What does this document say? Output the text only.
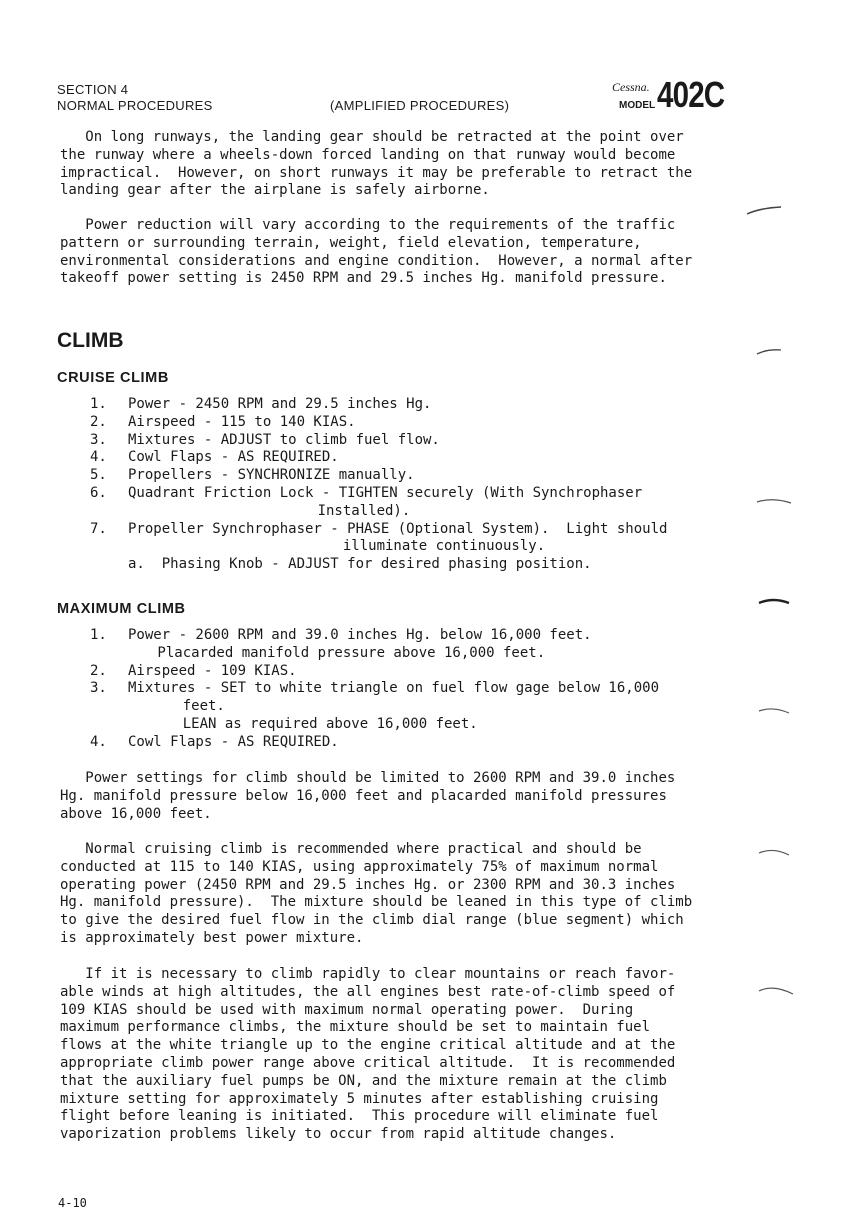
SECTION 4
NORMAL PROCEDURES	(AMPLIFIED PROCEDURES)
Cessna.
MODEL 402C
On long runways, the landing gear should be retracted at the point over
the runway where a wheels-down forced landing on that runway would become
impractical.  However, on short runways it may be preferable to retract the
landing gear after the airplane is safely airborne.
Power reduction will vary according to the requirements of the traffic
pattern or surrounding terrain, weight, field elevation, temperature,
environmental considerations and engine condition.  However, a normal after
takeoff power setting is 2450 RPM and 29.5 inches Hg. manifold pressure.
CLIMB
CRUISE CLIMB
1. Power - 2450 RPM and 29.5 inches Hg.
2. Airspeed - 115 to 140 KIAS.
3. Mixtures - ADJUST to climb fuel flow.
4. Cowl Flaps - AS REQUIRED.
5. Propellers - SYNCHRONIZE manually.
6. Quadrant Friction Lock - TIGHTEN securely (With Synchrophaser
Installed).
7. Propeller Synchrophaser - PHASE (Optional System).  Light should
illuminate continuously.
a.  Phasing Knob - ADJUST for desired phasing position.
MAXIMUM CLIMB
1. Power - 2600 RPM and 39.0 inches Hg. below 16,000 feet.
Placarded manifold pressure above 16,000 feet.
2. Airspeed - 109 KIAS.
3. Mixtures - SET to white triangle on fuel flow gage below 16,000
feet.
LEAN as required above 16,000 feet.
4. Cowl Flaps - AS REQUIRED.
Power settings for climb should be limited to 2600 RPM and 39.0 inches
Hg. manifold pressure below 16,000 feet and placarded manifold pressures
above 16,000 feet.
Normal cruising climb is recommended where practical and should be
conducted at 115 to 140 KIAS, using approximately 75% of maximum normal
operating power (2450 RPM and 29.5 inches Hg. or 2300 RPM and 30.3 inches
Hg. manifold pressure).  The mixture should be leaned in this type of climb
to give the desired fuel flow in the climb dial range (blue segment) which
is approximately best power mixture.
If it is necessary to climb rapidly to clear mountains or reach favor-
able winds at high altitudes, the all engines best rate-of-climb speed of
109 KIAS should be used with maximum normal operating power.  During
maximum performance climbs, the mixture should be set to maintain fuel
flows at the white triangle up to the engine critical altitude and at the
appropriate climb power range above critical altitude.  It is recommended
that the auxiliary fuel pumps be ON, and the mixture remain at the climb
mixture setting for approximately 5 minutes after establishing cruising
flight before leaning is initiated.  This procedure will eliminate fuel
vaporization problems likely to occur from rapid altitude changes.
4-10
